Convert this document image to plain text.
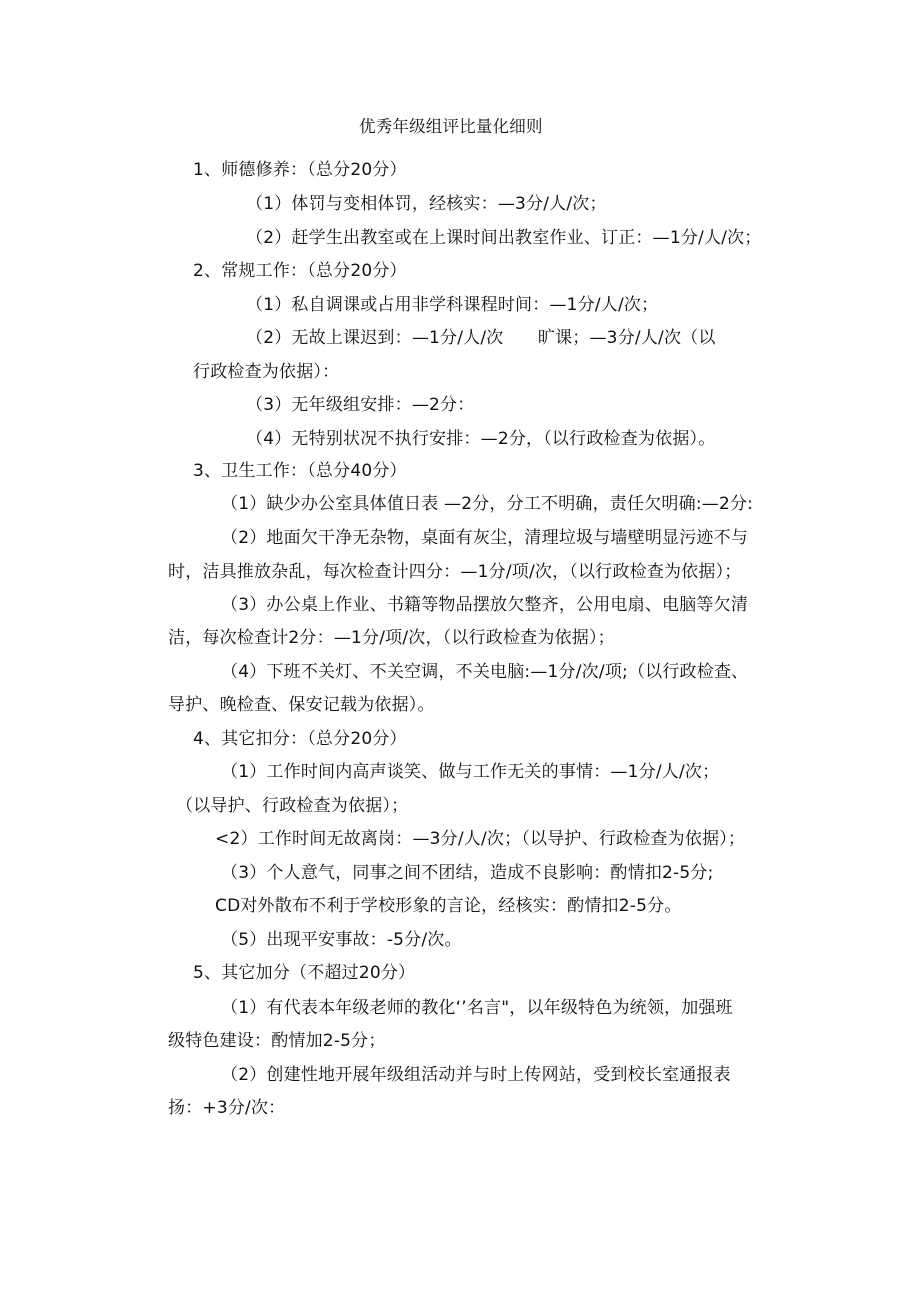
优秀年级组评比量化细则
1、师德修养：（总分20分）
（1）体罚与变相体罚，经核实：—3分/人/次；
（2）赶学生出教室或在上课时间出教室作业、订正：—1分/人/次；
2、常规工作：（总分20分）
（1）私自调课或占用非学科课程时间：—1分/人/次；
（2）无故上课迟到：—1分/人/次　　旷课；—3分/人/次（以
行政检查为依据）：
（3）无年级组安排：—2分：
（4）无特别状况不执行安排：—2分，（以行政检查为依据）。
3、卫生工作：（总分40分）
（1）缺少办公室具体值日表 —2分，分工不明确，责任欠明确:—2分:
（2）地面欠干净无杂物，桌面有灰尘，清理垃圾与墙壁明显污迹不与
时，洁具推放杂乱，每次检查计四分：—1分/项/次，（以行政检查为依据）；
（3）办公桌上作业、书籍等物品摆放欠整齐，公用电扇、电脑等欠清
洁，每次检查计2分：—1分/项/次，（以行政检查为依据）；
（4）下班不关灯、不关空调，不关电脑:—1分/次/项;（以行政检查、
导护、晚检查、保安记载为依据）。
4、其它扣分：（总分20分）
（1）工作时间内高声谈笑、做与工作无关的事情：—1分/人/次；
（以导护、行政检查为依据）；
<2）工作时间无故离岗：—3分/人/次；（以导护、行政检查为依据）；
（3）个人意气，同事之间不团结，造成不良影响：酌情扣2-5分;
CD对外散布不利于学校形象的言论，经核实：酌情扣2-5分。
（5）出现平安事故：-5分/次。
5、其它加分（不超过20分）
（1）有代表本年级老师的教化‘’名言"，以年级特色为统领，加强班
级特色建设：酌情加2-5分；
（2）创建性地开展年级组活动并与时上传网站，受到校长室通报表
扬：+3分/次：
